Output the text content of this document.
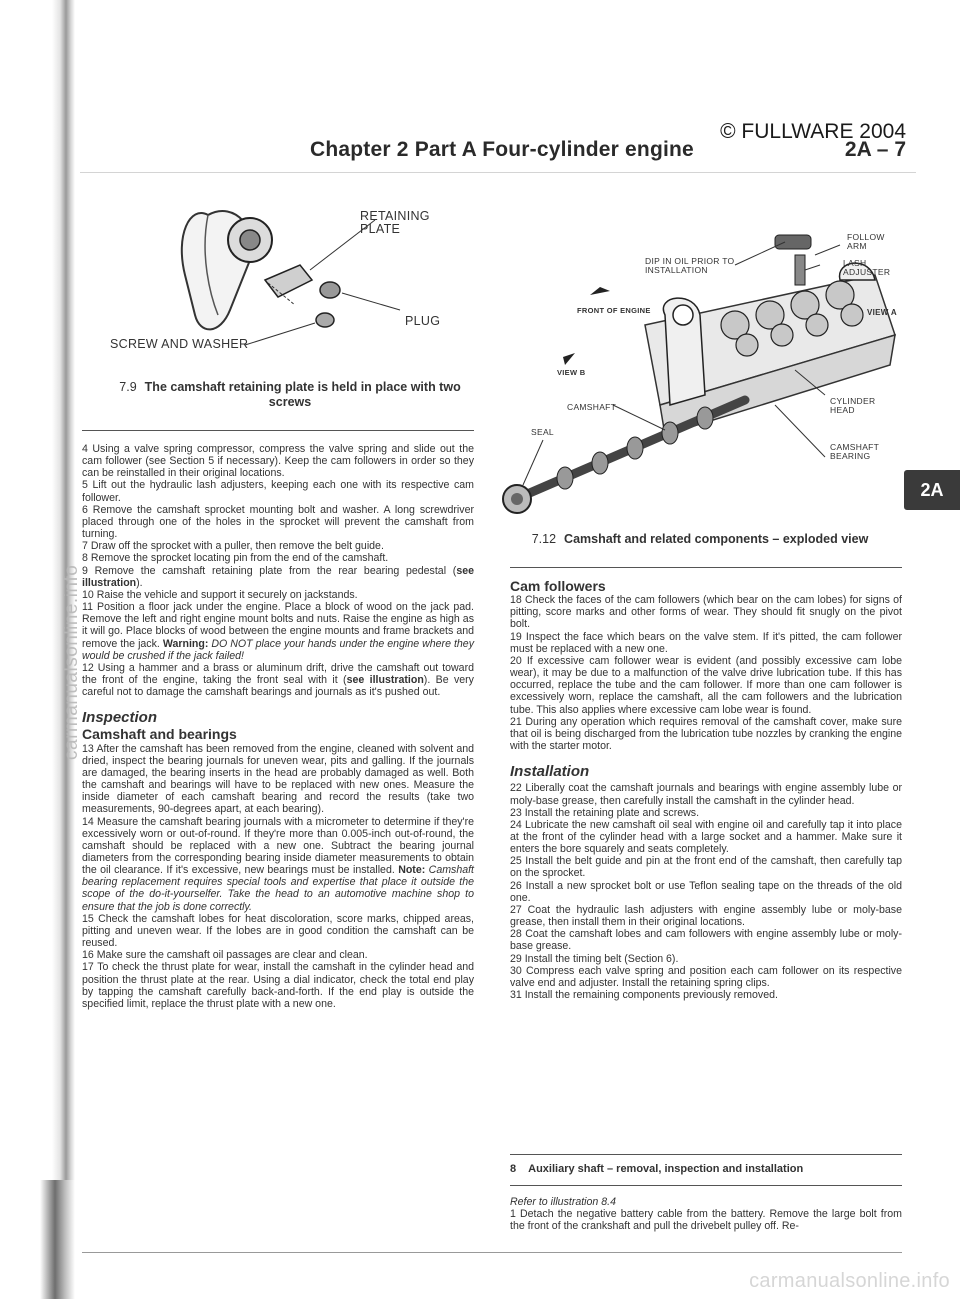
carmanualsonline.info
© FULLWARE 2004
Chapter 2 Part A Four-cylinder engine	2A – 7
RETAINING PLATE
PLUG
SCREW AND WASHER
7.9 The camshaft retaining plate is held in place with two screws
DIP IN OIL PRIOR TO INSTALLATION
FOLLOW ARM
LASH ADJUSTER
FRONT OF ENGINE	VIEW A
VIEW B
CAMSHAFT
CYLINDER HEAD
SEAL
CAMSHAFT BEARING
7.12 Camshaft and related components – exploded view
2A

4 Using a valve spring compressor, compress the valve spring and slide out the cam follower (see Section 5 if necessary). Keep the cam followers in order so they can be reinstalled in their original locations.

5 Lift out the hydraulic lash adjusters, keeping each one with its respective cam follower.

6 Remove the camshaft sprocket mounting bolt and washer. A long screwdriver placed through one of the holes in the sprocket will prevent the camshaft from turning.

7 Draw off the sprocket with a puller, then remove the belt guide.

8 Remove the sprocket locating pin from the end of the camshaft.

9 Remove the camshaft retaining plate from the rear bearing pedestal (see illustration).

10 Raise the vehicle and support it securely on jackstands.

11 Position a floor jack under the engine. Place a block of wood on the jack pad. Remove the left and right engine mount bolts and nuts. Raise the engine as high as it will go. Place blocks of wood between the engine mounts and frame brackets and remove the jack. Warning: DO NOT place your hands under the engine where they would be crushed if the jack failed!

12 Using a hammer and a brass or aluminum drift, drive the camshaft out toward the front of the engine, taking the front seal with it (see illustration). Be very careful not to damage the camshaft bearings and journals as it's pushed out.

Inspection

Camshaft and bearings

13 After the camshaft has been removed from the engine, cleaned with solvent and dried, inspect the bearing journals for uneven wear, pits and galling. If the journals are damaged, the bearing inserts in the head are probably damaged as well. Both the camshaft and bearings will have to be replaced with new ones. Measure the inside diameter of each camshaft bearing and record the results (take two measurements, 90-degrees apart, at each bearing).

14 Measure the camshaft bearing journals with a micrometer to determine if they're excessively worn or out-of-round. If they're more than 0.005-inch out-of-round, the camshaft should be replaced with a new one. Subtract the bearing journal diameters from the corresponding bearing inside diameter measurements to obtain the oil clearance. If it's excessive, new bearings must be installed. Note: Camshaft bearing replacement requires special tools and expertise that place it outside the scope of the do-it-yourselfer. Take the head to an automotive machine shop to ensure that the job is done correctly.

15 Check the camshaft lobes for heat discoloration, score marks, chipped areas, pitting and uneven wear. If the lobes are in good condition the camshaft can be reused.

16 Make sure the camshaft oil passages are clear and clean.

17 To check the thrust plate for wear, install the camshaft in the cylinder head and position the thrust plate at the rear. Using a dial indicator, check the total end play by tapping the camshaft carefully back-and-forth. If the end play is outside the specified limit, replace the thrust plate with a new one.

Cam followers

18 Check the faces of the cam followers (which bear on the cam lobes) for signs of pitting, score marks and other forms of wear. They should fit snugly on the pivot bolt.

19 Inspect the face which bears on the valve stem. If it's pitted, the cam follower must be replaced with a new one.

20 If excessive cam follower wear is evident (and possibly excessive cam lobe wear), it may be due to a malfunction of the valve drive lubrication tube. If this has occurred, replace the tube and the cam follower. If more than one cam follower is excessively worn, replace the camshaft, all the cam followers and the lubrication tube. This also applies where excessive cam lobe wear is found.

21 During any operation which requires removal of the camshaft cover, make sure that oil is being discharged from the lubrication tube nozzles by cranking the engine with the starter motor.

Installation

22 Liberally coat the camshaft journals and bearings with engine assembly lube or moly-base grease, then carefully install the camshaft in the cylinder head.

23 Install the retaining plate and screws.

24 Lubricate the new camshaft oil seal with engine oil and carefully tap it into place at the front of the cylinder head with a large socket and a hammer. Make sure it enters the bore squarely and seats completely.

25 Install the belt guide and pin at the front end of the camshaft, then carefully tap on the sprocket.

26 Install a new sprocket bolt or use Teflon sealing tape on the threads of the old one.

27 Coat the hydraulic lash adjusters with engine assembly lube or moly-base grease, then install them in their original locations.

28 Coat the camshaft lobes and cam followers with engine assembly lube or moly-base grease.

29 Install the timing belt (Section 6).

30 Compress each valve spring and position each cam follower on its respective valve end and adjuster. Install the retaining spring clips.

31 Install the remaining components previously removed.

8 Auxiliary shaft – removal, inspection and installation

Refer to illustration 8.4

1 Detach the negative battery cable from the battery. Remove the large bolt from the front of the crankshaft and pull the drivebelt pulley off. Re-

carmanualsonline.info
